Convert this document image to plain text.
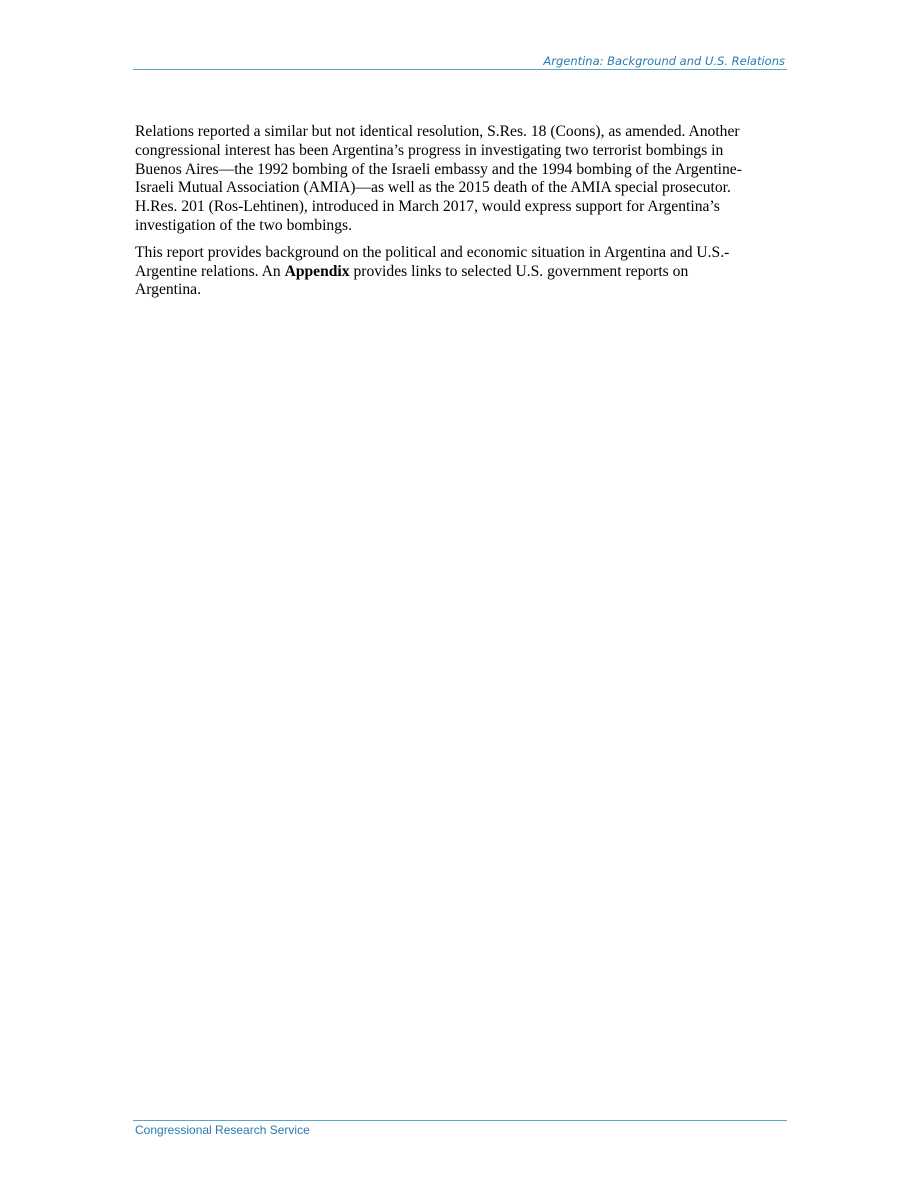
Argentina: Background and U.S. Relations

Relations reported a similar but not identical resolution, S.Res. 18 (Coons), as amended. Another
congressional interest has been Argentina’s progress in investigating two terrorist bombings in
Buenos Aires—the 1992 bombing of the Israeli embassy and the 1994 bombing of the Argentine-
Israeli Mutual Association (AMIA)—as well as the 2015 death of the AMIA special prosecutor.
H.Res. 201 (Ros-Lehtinen), introduced in March 2017, would express support for Argentina’s
investigation of the two bombings.

This report provides background on the political and economic situation in Argentina and U.S.-
Argentine relations. An Appendix provides links to selected U.S. government reports on
Argentina.

Congressional Research Service
